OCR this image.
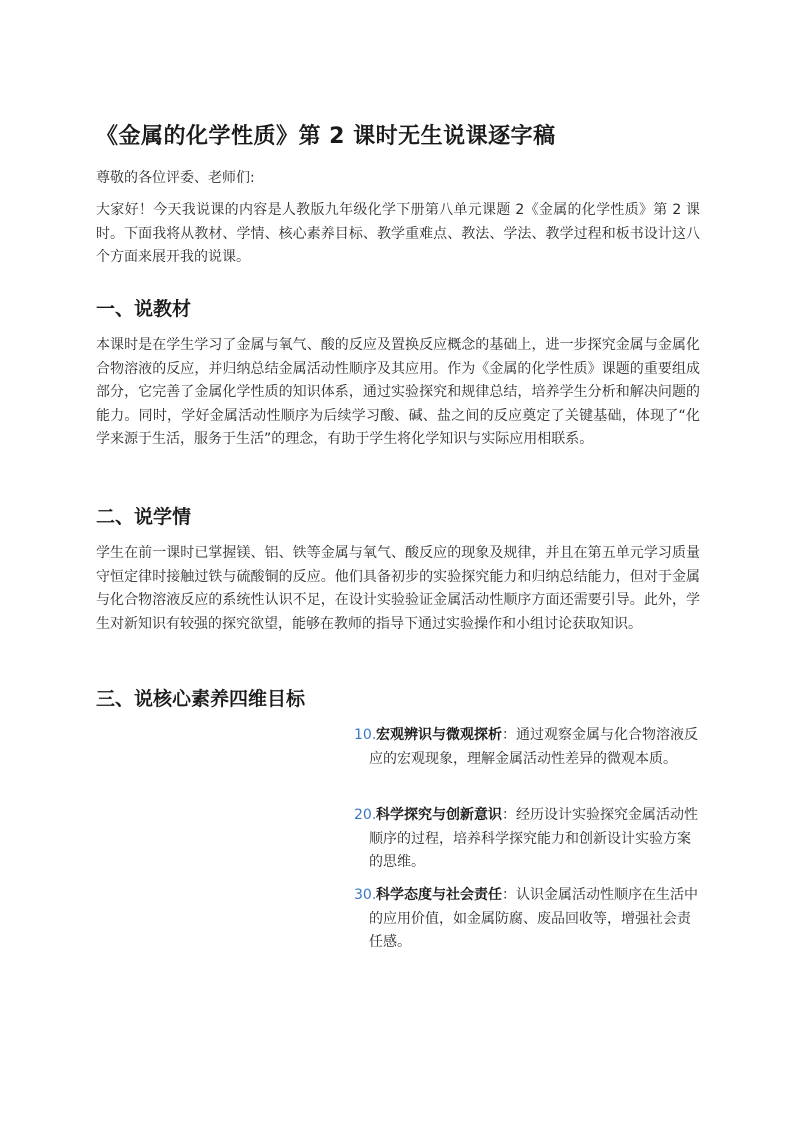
《金属的化学性质》第 2 课时无生说课逐字稿

尊敬的各位评委、老师们:

大家好！今天我说课的内容是人教版九年级化学下册第八单元课题 2《金属的化学性质》第 2 课时。下面我将从教材、学情、核心素养目标、教学重难点、教法、学法、教学过程和板书设计这八个方面来展开我的说课。

一、说教材

本课时是在学生学习了金属与氧气、酸的反应及置换反应概念的基础上，进一步探究金属与金属化合物溶液的反应，并归纳总结金属活动性顺序及其应用。作为《金属的化学性质》课题的重要组成部分，它完善了金属化学性质的知识体系，通过实验探究和规律总结，培养学生分析和解决问题的能力。同时，学好金属活动性顺序为后续学习酸、碱、盐之间的反应奠定了关键基础，体现了“化学来源于生活，服务于生活”的理念，有助于学生将化学知识与实际应用相联系。

二、说学情

学生在前一课时已掌握镁、铝、铁等金属与氧气、酸反应的现象及规律，并且在第五单元学习质量守恒定律时接触过铁与硫酸铜的反应。他们具备初步的实验探究能力和归纳总结能力，但对于金属与化合物溶液反应的系统性认识不足，在设计实验验证金属活动性顺序方面还需要引导。此外，学生对新知识有较强的探究欲望，能够在教师的指导下通过实验操作和小组讨论获取知识。

三、说核心素养四维目标
10. 宏观辨识与微观探析：通过观察金属与化合物溶液反应的宏观现象，理解金属活动性差异的微观本质。
20. 科学探究与创新意识：经历设计实验探究金属活动性顺序的过程，培养科学探究能力和创新设计实验方案的思维。
30. 科学态度与社会责任：认识金属活动性顺序在生活中的应用价值，如金属防腐、废品回收等，增强社会责任感。
